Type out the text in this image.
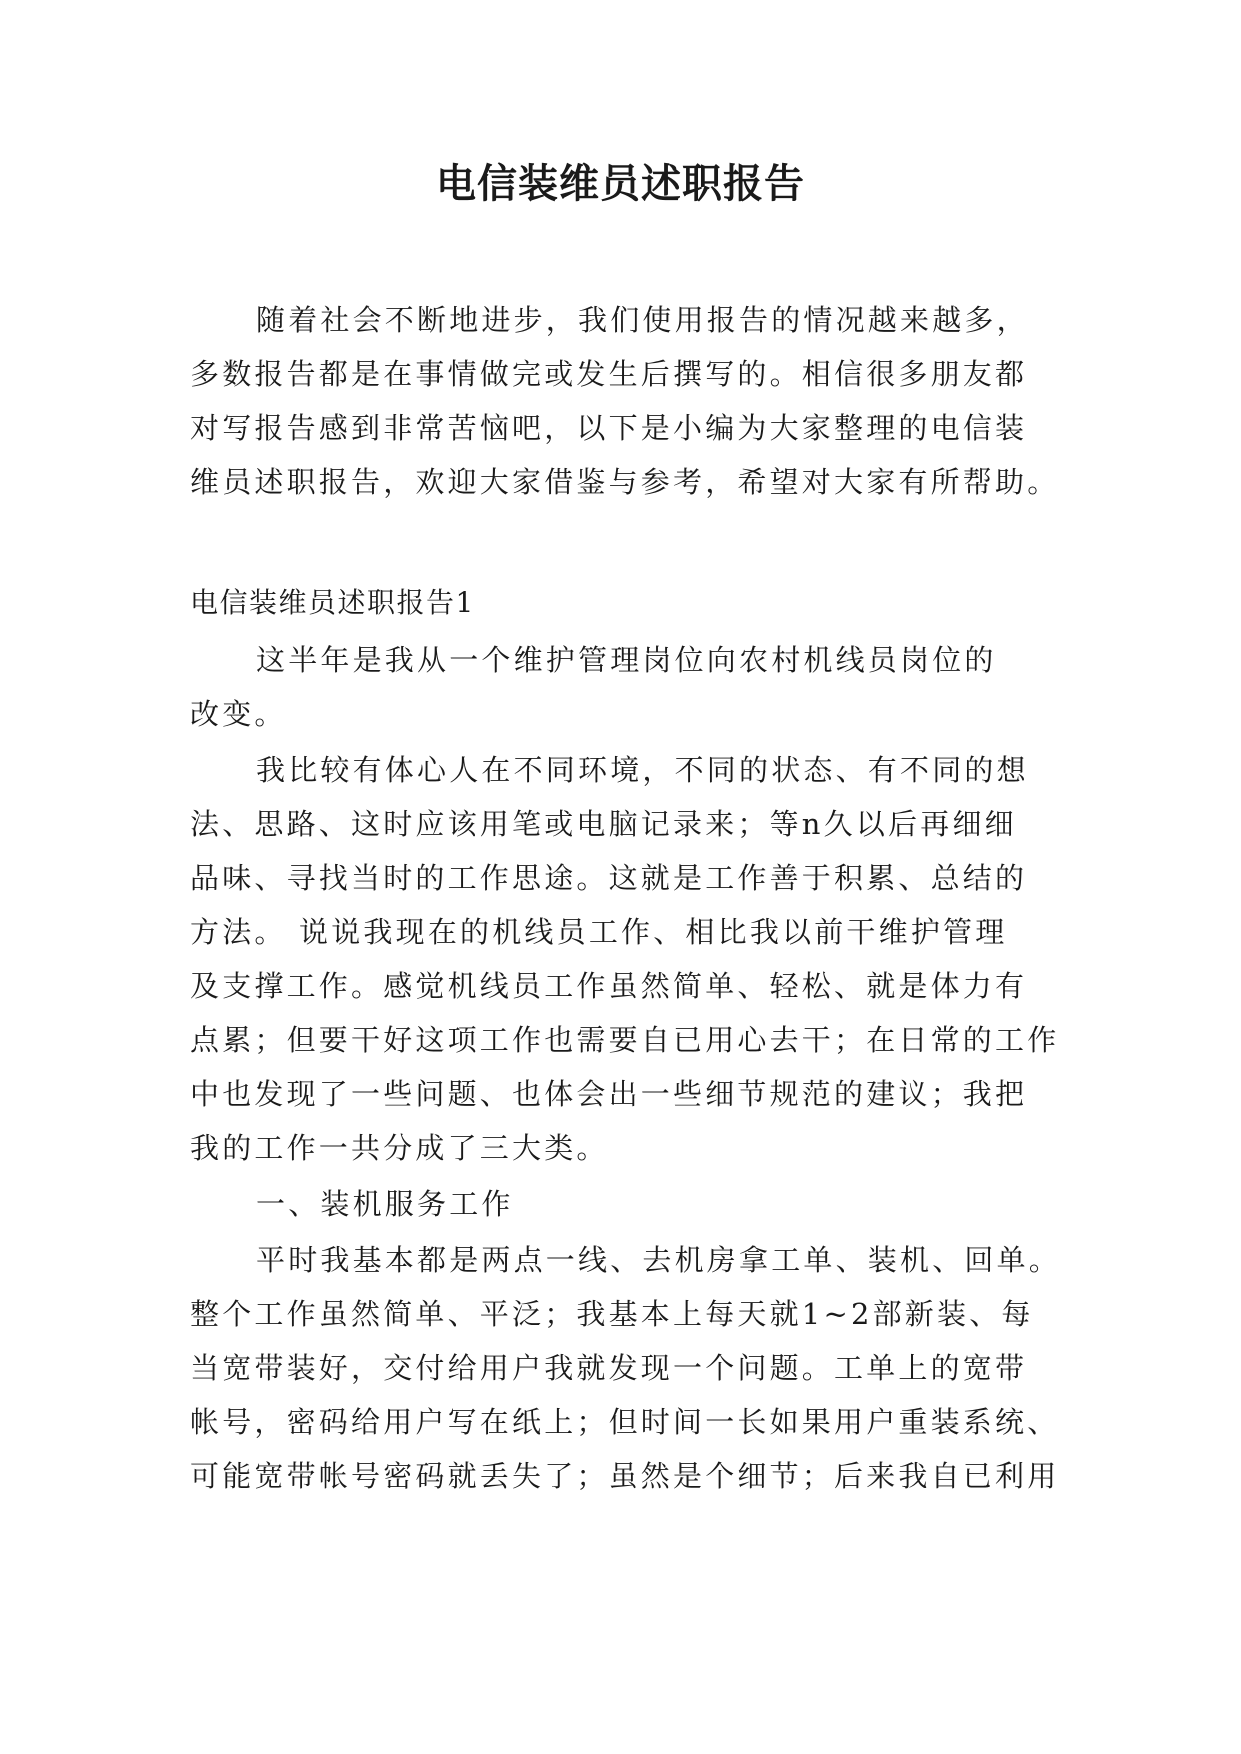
电信装维员述职报告
随着社会不断地进步，我们使用报告的情况越来越多，
多数报告都是在事情做完或发生后撰写的。相信很多朋友都
对写报告感到非常苦恼吧，以下是小编为大家整理的电信装
维员述职报告，欢迎大家借鉴与参考，希望对大家有所帮助。
电信装维员述职报告1
这半年是我从一个维护管理岗位向农村机线员岗位的
改变。
我比较有体心人在不同环境，不同的状态、有不同的想
法、思路、这时应该用笔或电脑记录来；等n久以后再细细
品味、寻找当时的工作思途。这就是工作善于积累、总结的
方法。 说说我现在的机线员工作、相比我以前干维护管理
及支撑工作。感觉机线员工作虽然简单、轻松、就是体力有
点累；但要干好这项工作也需要自已用心去干；在日常的工作
中也发现了一些问题、也体会出一些细节规范的建议；我把
我的工作一共分成了三大类。
一、装机服务工作
平时我基本都是两点一线、去机房拿工单、装机、回单。
整个工作虽然简单、平泛；我基本上每天就1~2部新装、每
当宽带装好，交付给用户我就发现一个问题。工单上的宽带
帐号，密码给用户写在纸上；但时间一长如果用户重装系统、
可能宽带帐号密码就丢失了；虽然是个细节；后来我自已利用
